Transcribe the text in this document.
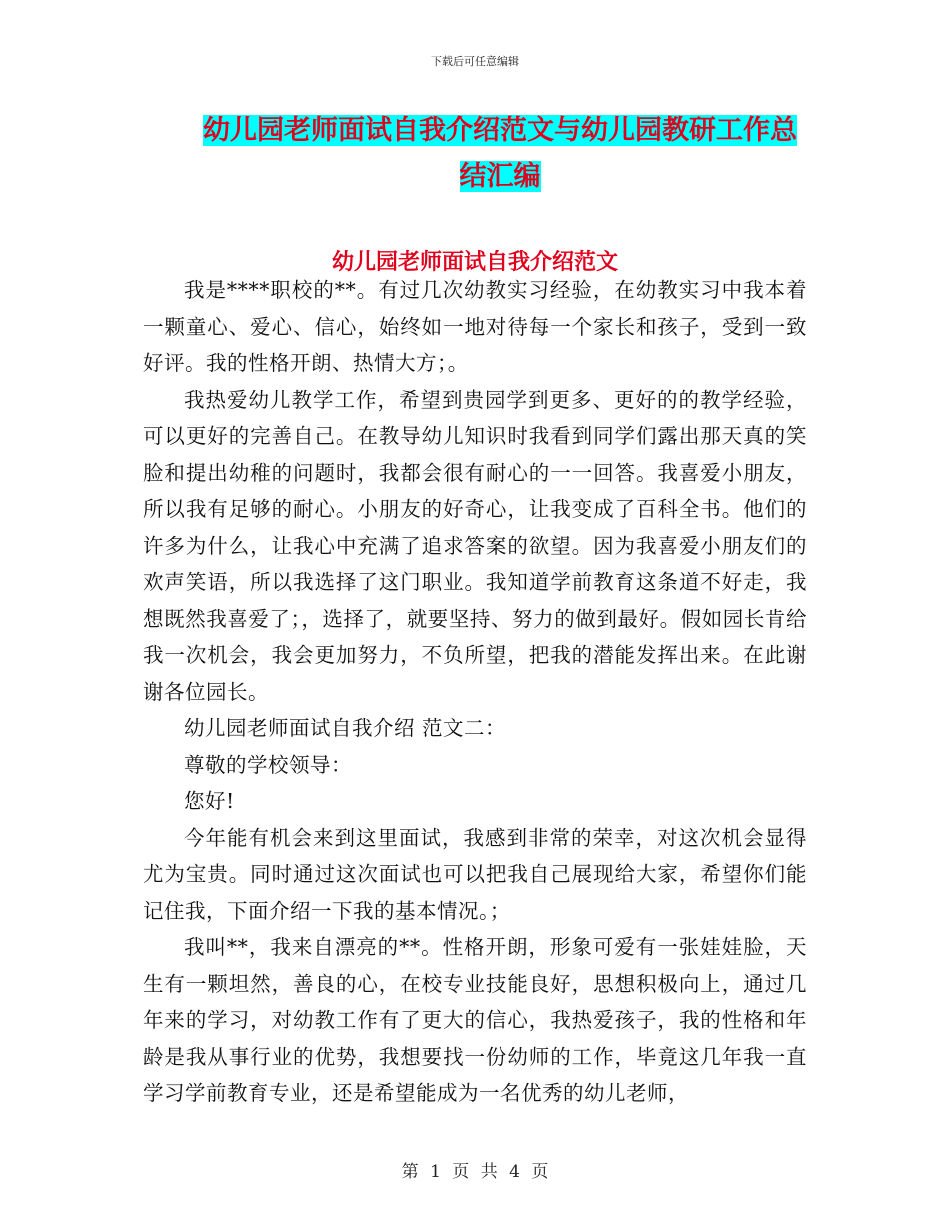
下载后可任意编辑
幼儿园老师面试自我介绍范文与幼儿园教研工作总结汇编
幼儿园老师面试自我介绍范文

我是****职校的**。有过几次幼教实习经验，在幼教实习中我本着一颗童心、爱心、信心，始终如一地对待每一个家长和孩子，受到一致好评。我的性格开朗、热情大方；。

我热爱幼儿教学工作，希望到贵园学到更多、更好的的教学经验，可以更好的完善自己。在教导幼儿知识时我看到同学们露出那天真的笑脸和提出幼稚的问题时，我都会很有耐心的一一回答。我喜爱小朋友，所以我有足够的耐心。小朋友的好奇心，让我变成了百科全书。他们的许多为什么，让我心中充满了追求答案的欲望。因为我喜爱小朋友们的欢声笑语，所以我选择了这门职业。我知道学前教育这条道不好走，我想既然我喜爱了；，选择了，就要坚持、努力的做到最好。假如园长肯给我一次机会，我会更加努力，不负所望，把我的潜能发挥出来。在此谢谢各位园长。

幼儿园老师面试自我介绍 范文二：

尊敬的学校领导：

您好!

今年能有机会来到这里面试，我感到非常的荣幸，对这次机会显得尤为宝贵。同时通过这次面试也可以把我自己展现给大家，希望你们能记住我，下面介绍一下我的基本情况。；

我叫**，我来自漂亮的**。性格开朗，形象可爱有一张娃娃脸，天生有一颗坦然，善良的心，在校专业技能良好，思想积极向上，通过几年来的学习，对幼教工作有了更大的信心，我热爱孩子，我的性格和年龄是我从事行业的优势，我想要找一份幼师的工作，毕竟这几年我一直学习学前教育专业，还是希望能成为一名优秀的幼儿老师，

第 1 页 共 4 页
